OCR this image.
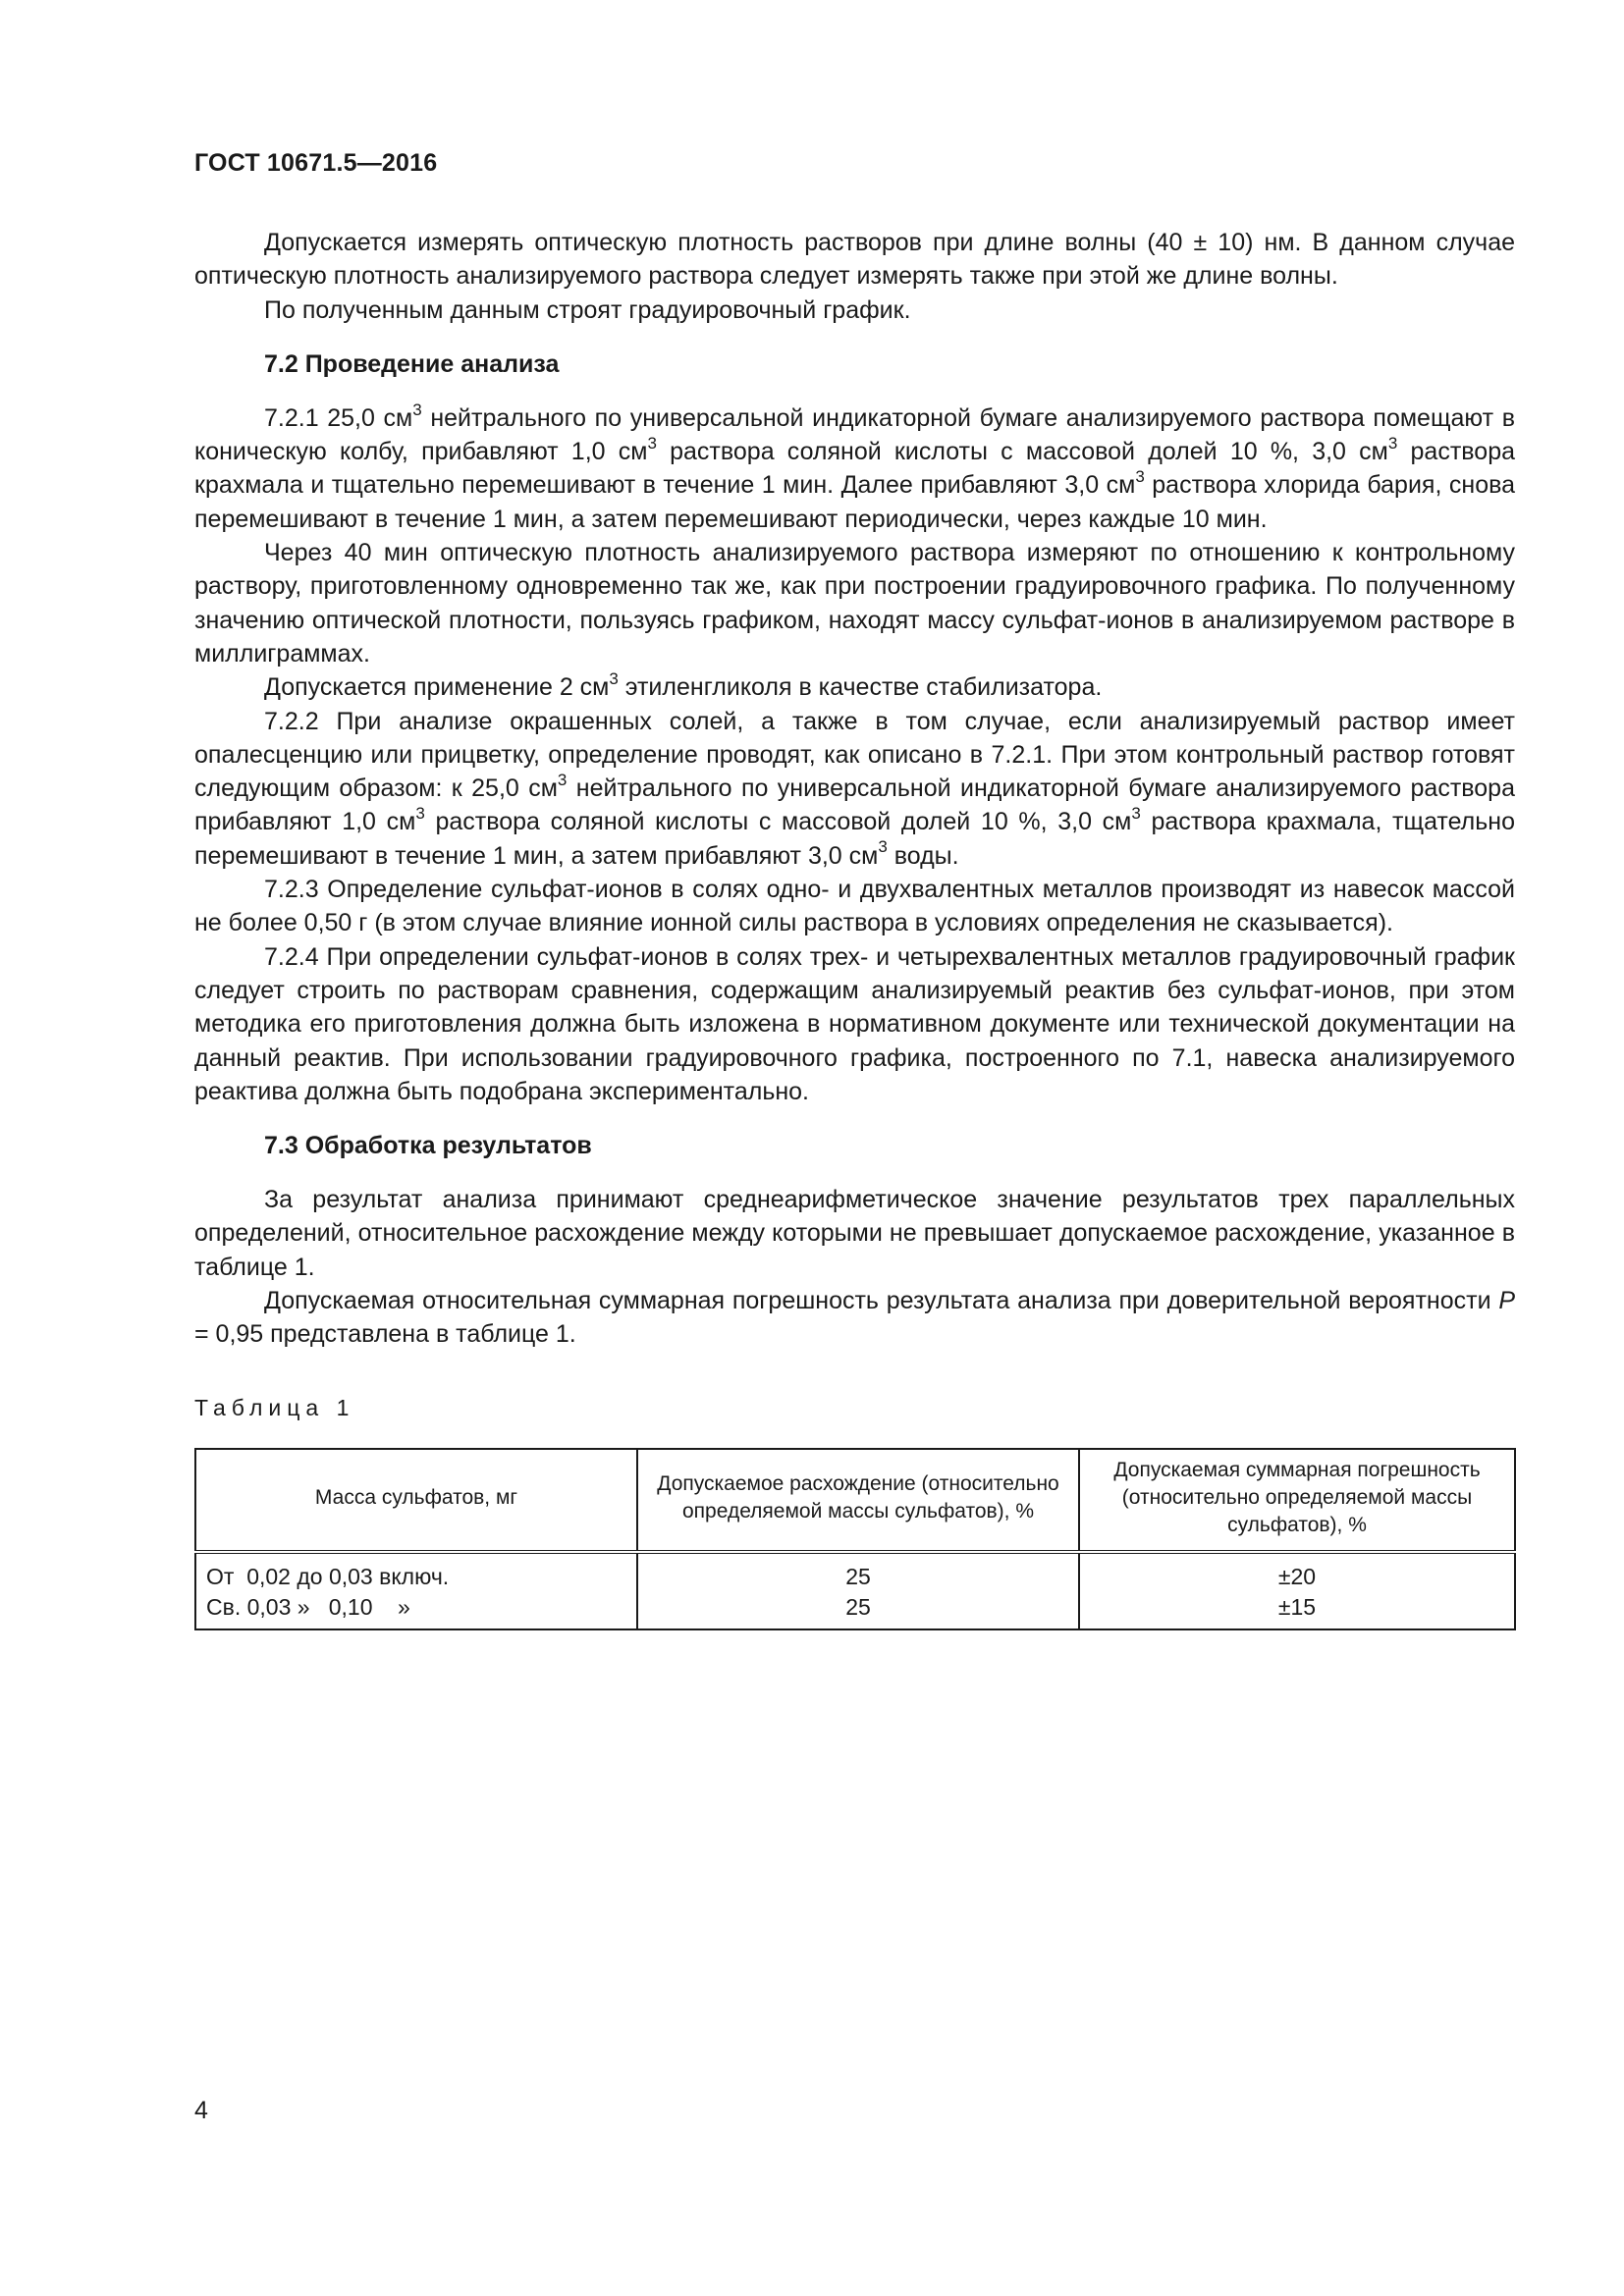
ГОСТ 10671.5—2016

Допускается измерять оптическую плотность растворов при длине волны (40 ± 10) нм. В данном случае оптическую плотность анализируемого раствора следует измерять также при этой же длине волны.

По полученным данным строят градуировочный график.

7.2 Проведение анализа

7.2.1 25,0 $см^3$ нейтрального по универсальной индикаторной бумаге анализируемого раствора помещают в коническую колбу, прибавляют 1,0 $см^3$ раствора соляной кислоты с массовой долей 10 %, 3,0 $см^3$ раствора крахмала и тщательно перемешивают в течение 1 мин. Далее прибавляют 3,0 $см^3$ раствора хлорида бария, снова перемешивают в течение 1 мин, а затем перемешивают периодически, через каждые 10 мин.

Через 40 мин оптическую плотность анализируемого раствора измеряют по отношению к контрольному раствору, приготовленному одновременно так же, как при построении градуировочного графика. По полученному значению оптической плотности, пользуясь графиком, находят массу сульфат-ионов в анализируемом растворе в миллиграммах.

Допускается применение 2 $см^3$ этиленгликоля в качестве стабилизатора.

7.2.2 При анализе окрашенных солей, а также в том случае, если анализируемый раствор имеет опалесценцию или прицветку, определение проводят, как описано в 7.2.1. При этом контрольный раствор готовят следующим образом: к 25,0 $см^3$ нейтрального по универсальной индикаторной бумаге анализируемого раствора прибавляют 1,0 $см^3$ раствора соляной кислоты с массовой долей 10 %, 3,0 $см^3$ раствора крахмала, тщательно перемешивают в течение 1 мин, а затем прибавляют 3,0 $см^3$ воды.

7.2.3 Определение сульфат-ионов в солях одно- и двухвалентных металлов производят из навесок массой не более 0,50 г (в этом случае влияние ионной силы раствора в условиях определения не сказывается).

7.2.4 При определении сульфат-ионов в солях трех- и четырехвалентных металлов градуировочный график следует строить по растворам сравнения, содержащим анализируемый реактив без сульфат-ионов, при этом методика его приготовления должна быть изложена в нормативном документе или технической документации на данный реактив. При использовании градуировочного графика, построенного по 7.1, навеска анализируемого реактива должна быть подобрана экспериментально.

7.3 Обработка результатов

За результат анализа принимают среднеарифметическое значение результатов трех параллельных определений, относительное расхождение между которыми не превышает допускаемое расхождение, указанное в таблице 1.

Допускаемая относительная суммарная погрешность результата анализа при доверительной вероятности P = 0,95 представлена в таблице 1.

Таблица 1
Масса сульфатов, мг	Допускаемое расхождение (относительно определяемой массы сульфатов), %	Допускаемая суммарная погрешность (относительно определяемой массы сульфатов), %
От  0,02 до 0,03 включ.	25	±20
Св. 0,03 »   0,10    »	25	±15
4
